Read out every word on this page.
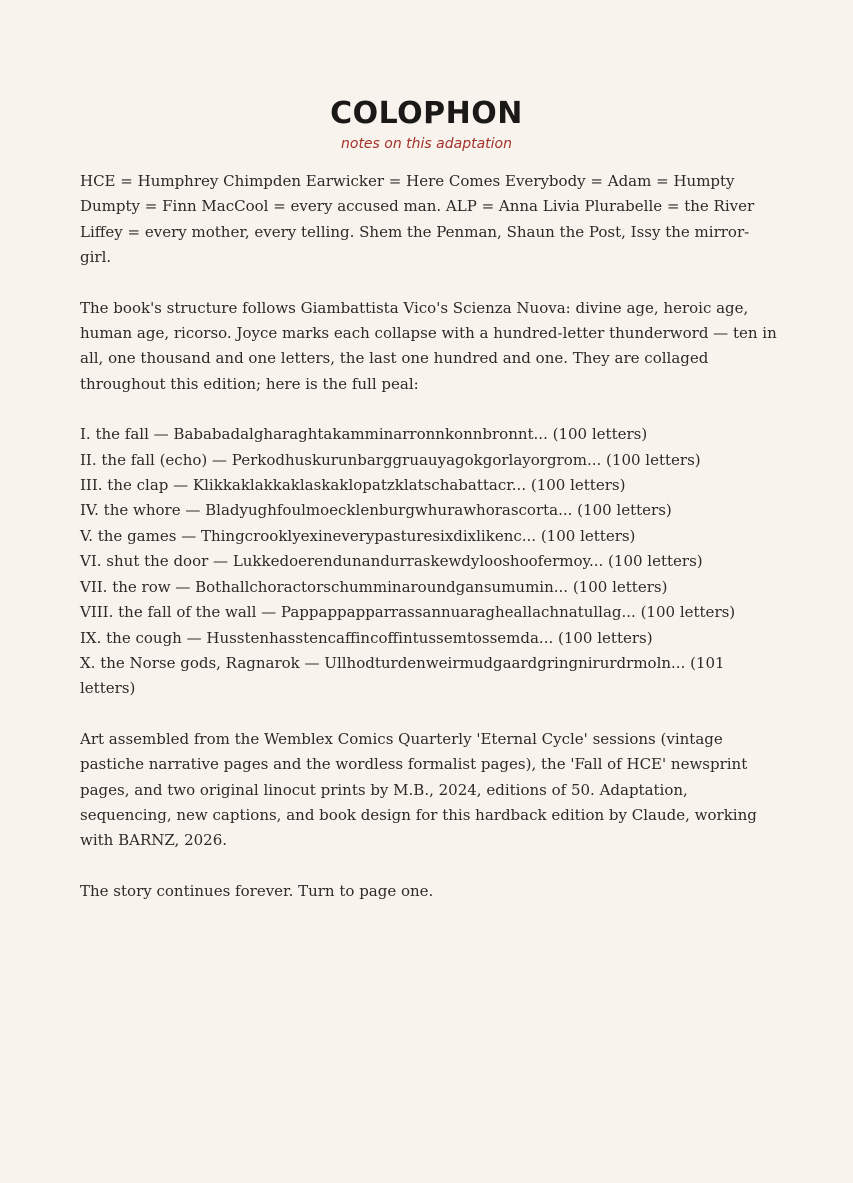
COLOPHON
notes on this adaptation

HCE = Humphrey Chimpden Earwicker = Here Comes Everybody = Adam = Humpty Dumpty = Finn MacCool = every accused man. ALP = Anna Livia Plurabelle = the River Liffey = every mother, every telling. Shem the Penman, Shaun the Post, Issy the mirror-girl.

The book's structure follows Giambattista Vico's Scienza Nuova: divine age, heroic age, human age, ricorso. Joyce marks each collapse with a hundred-letter thunderword — ten in all, one thousand and one letters, the last one hundred and one. They are collaged throughout this edition; here is the full peal:

I. the fall — Bababadalgharaghtakamminarronnkonnbronnt... (100 letters)
II. the fall (echo) — Perkodhuskurunbarggruauyagokgorlayorgrom... (100 letters)
III. the clap — Klikkaklakkaklaskaklopatzklatschabattacr... (100 letters)
IV. the whore — Bladyughfoulmoecklenburgwhurawhorascorta... (100 letters)
V. the games — Thingcrooklyexineverypasturesixdixlikenc... (100 letters)
VI. shut the door — Lukkedoerendunandurraskewdylooshoofermoy... (100 letters)
VII. the row — Bothallchoractorschumminaroundgansumumin... (100 letters)
VIII. the fall of the wall — Pappappapparrassannuaragheallachnatullag... (100 letters)
IX. the cough — Husstenhasstencaffincoffintussemtossemda... (100 letters)
X. the Norse gods, Ragnarok — Ullhodturdenweirmudgaardgringnirurdrmoln... (101 letters)

Art assembled from the Wemblex Comics Quarterly 'Eternal Cycle' sessions (vintage pastiche narrative pages and the wordless formalist pages), the 'Fall of HCE' newsprint pages, and two original linocut prints by M.B., 2024, editions of 50. Adaptation, sequencing, new captions, and book design for this hardback edition by Claude, working with BARNZ, 2026.

The story continues forever. Turn to page one.
